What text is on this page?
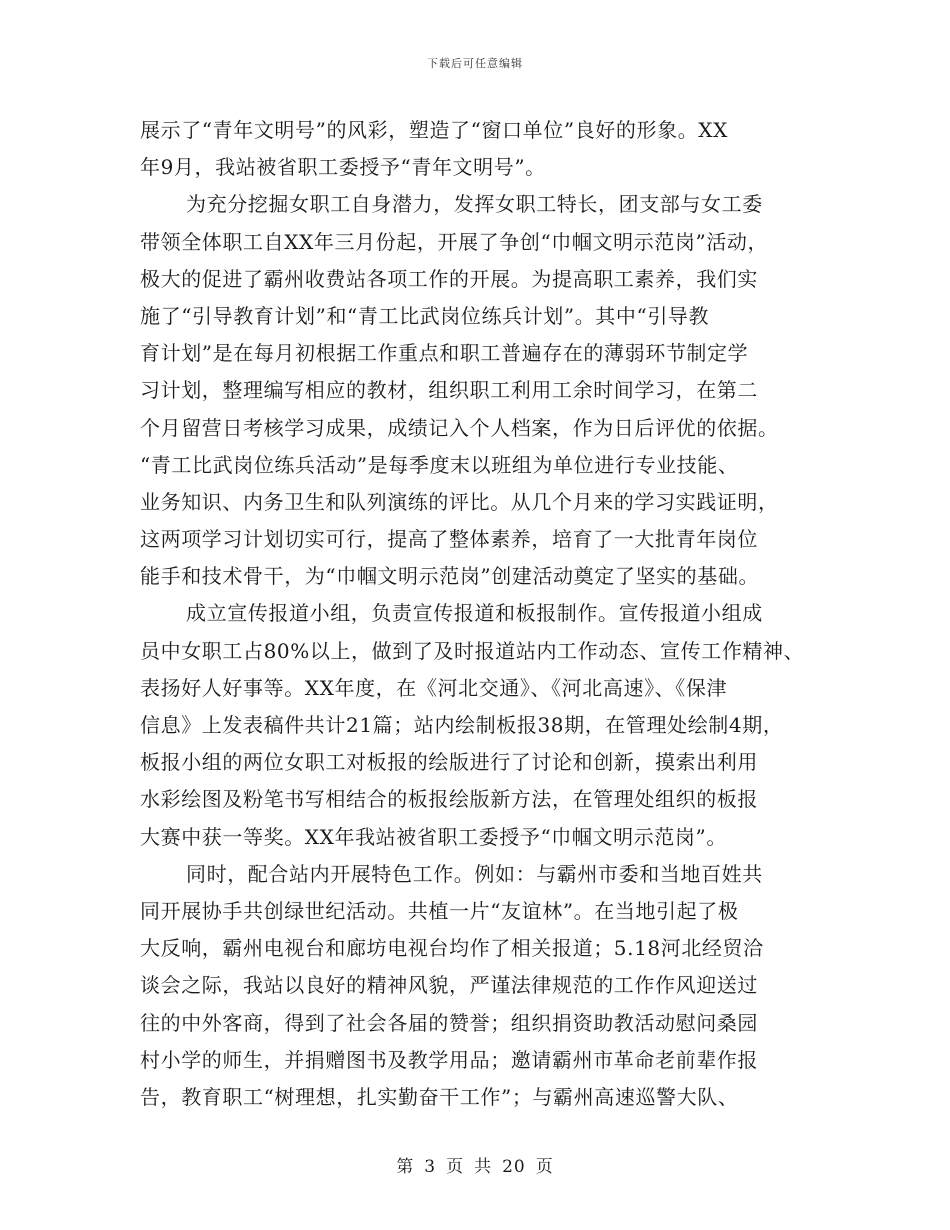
下载后可任意编辑
展示了“青年文明号”的风彩，塑造了“窗口单位”良好的形象。XX
年9月，我站被省职工委授予“青年文明号”。
为充分挖掘女职工自身潜力，发挥女职工特长，团支部与女工委
带领全体职工自XX年三月份起，开展了争创“巾帼文明示范岗”活动，
极大的促进了霸州收费站各项工作的开展。为提高职工素养，我们实
施了“引导教育计划”和“青工比武岗位练兵计划”。其中“引导教
育计划”是在每月初根据工作重点和职工普遍存在的薄弱环节制定学
习计划，整理编写相应的教材，组织职工利用工余时间学习，在第二
个月留营日考核学习成果，成绩记入个人档案，作为日后评优的依据。
“青工比武岗位练兵活动”是每季度末以班组为单位进行专业技能、
业务知识、内务卫生和队列演练的评比。从几个月来的学习实践证明，
这两项学习计划切实可行，提高了整体素养，培育了一大批青年岗位
能手和技术骨干，为“巾帼文明示范岗”创建活动奠定了坚实的基础。
成立宣传报道小组，负责宣传报道和板报制作。宣传报道小组成
员中女职工占80%以上，做到了及时报道站内工作动态、宣传工作精神、
表扬好人好事等。XX年度，在《河北交通》、《河北高速》、《保津
信息》上发表稿件共计21篇；站内绘制板报38期，在管理处绘制4期，
板报小组的两位女职工对板报的绘版进行了讨论和创新，摸索出利用
水彩绘图及粉笔书写相结合的板报绘版新方法，在管理处组织的板报
大赛中获一等奖。XX年我站被省职工委授予“巾帼文明示范岗”。
同时，配合站内开展特色工作。例如：与霸州市委和当地百姓共
同开展协手共创绿世纪活动。共植一片“友谊林”。在当地引起了极
大反响，霸州电视台和廊坊电视台均作了相关报道；5.18河北经贸洽
谈会之际，我站以良好的精神风貌，严谨法律规范的工作作风迎送过
往的中外客商，得到了社会各届的赞誉；组织捐资助教活动慰问桑园
村小学的师生，并捐赠图书及教学用品；邀请霸州市革命老前辈作报
告，教育职工“树理想，扎实勤奋干工作”；与霸州高速巡警大队、
第 3 页 共 20 页
